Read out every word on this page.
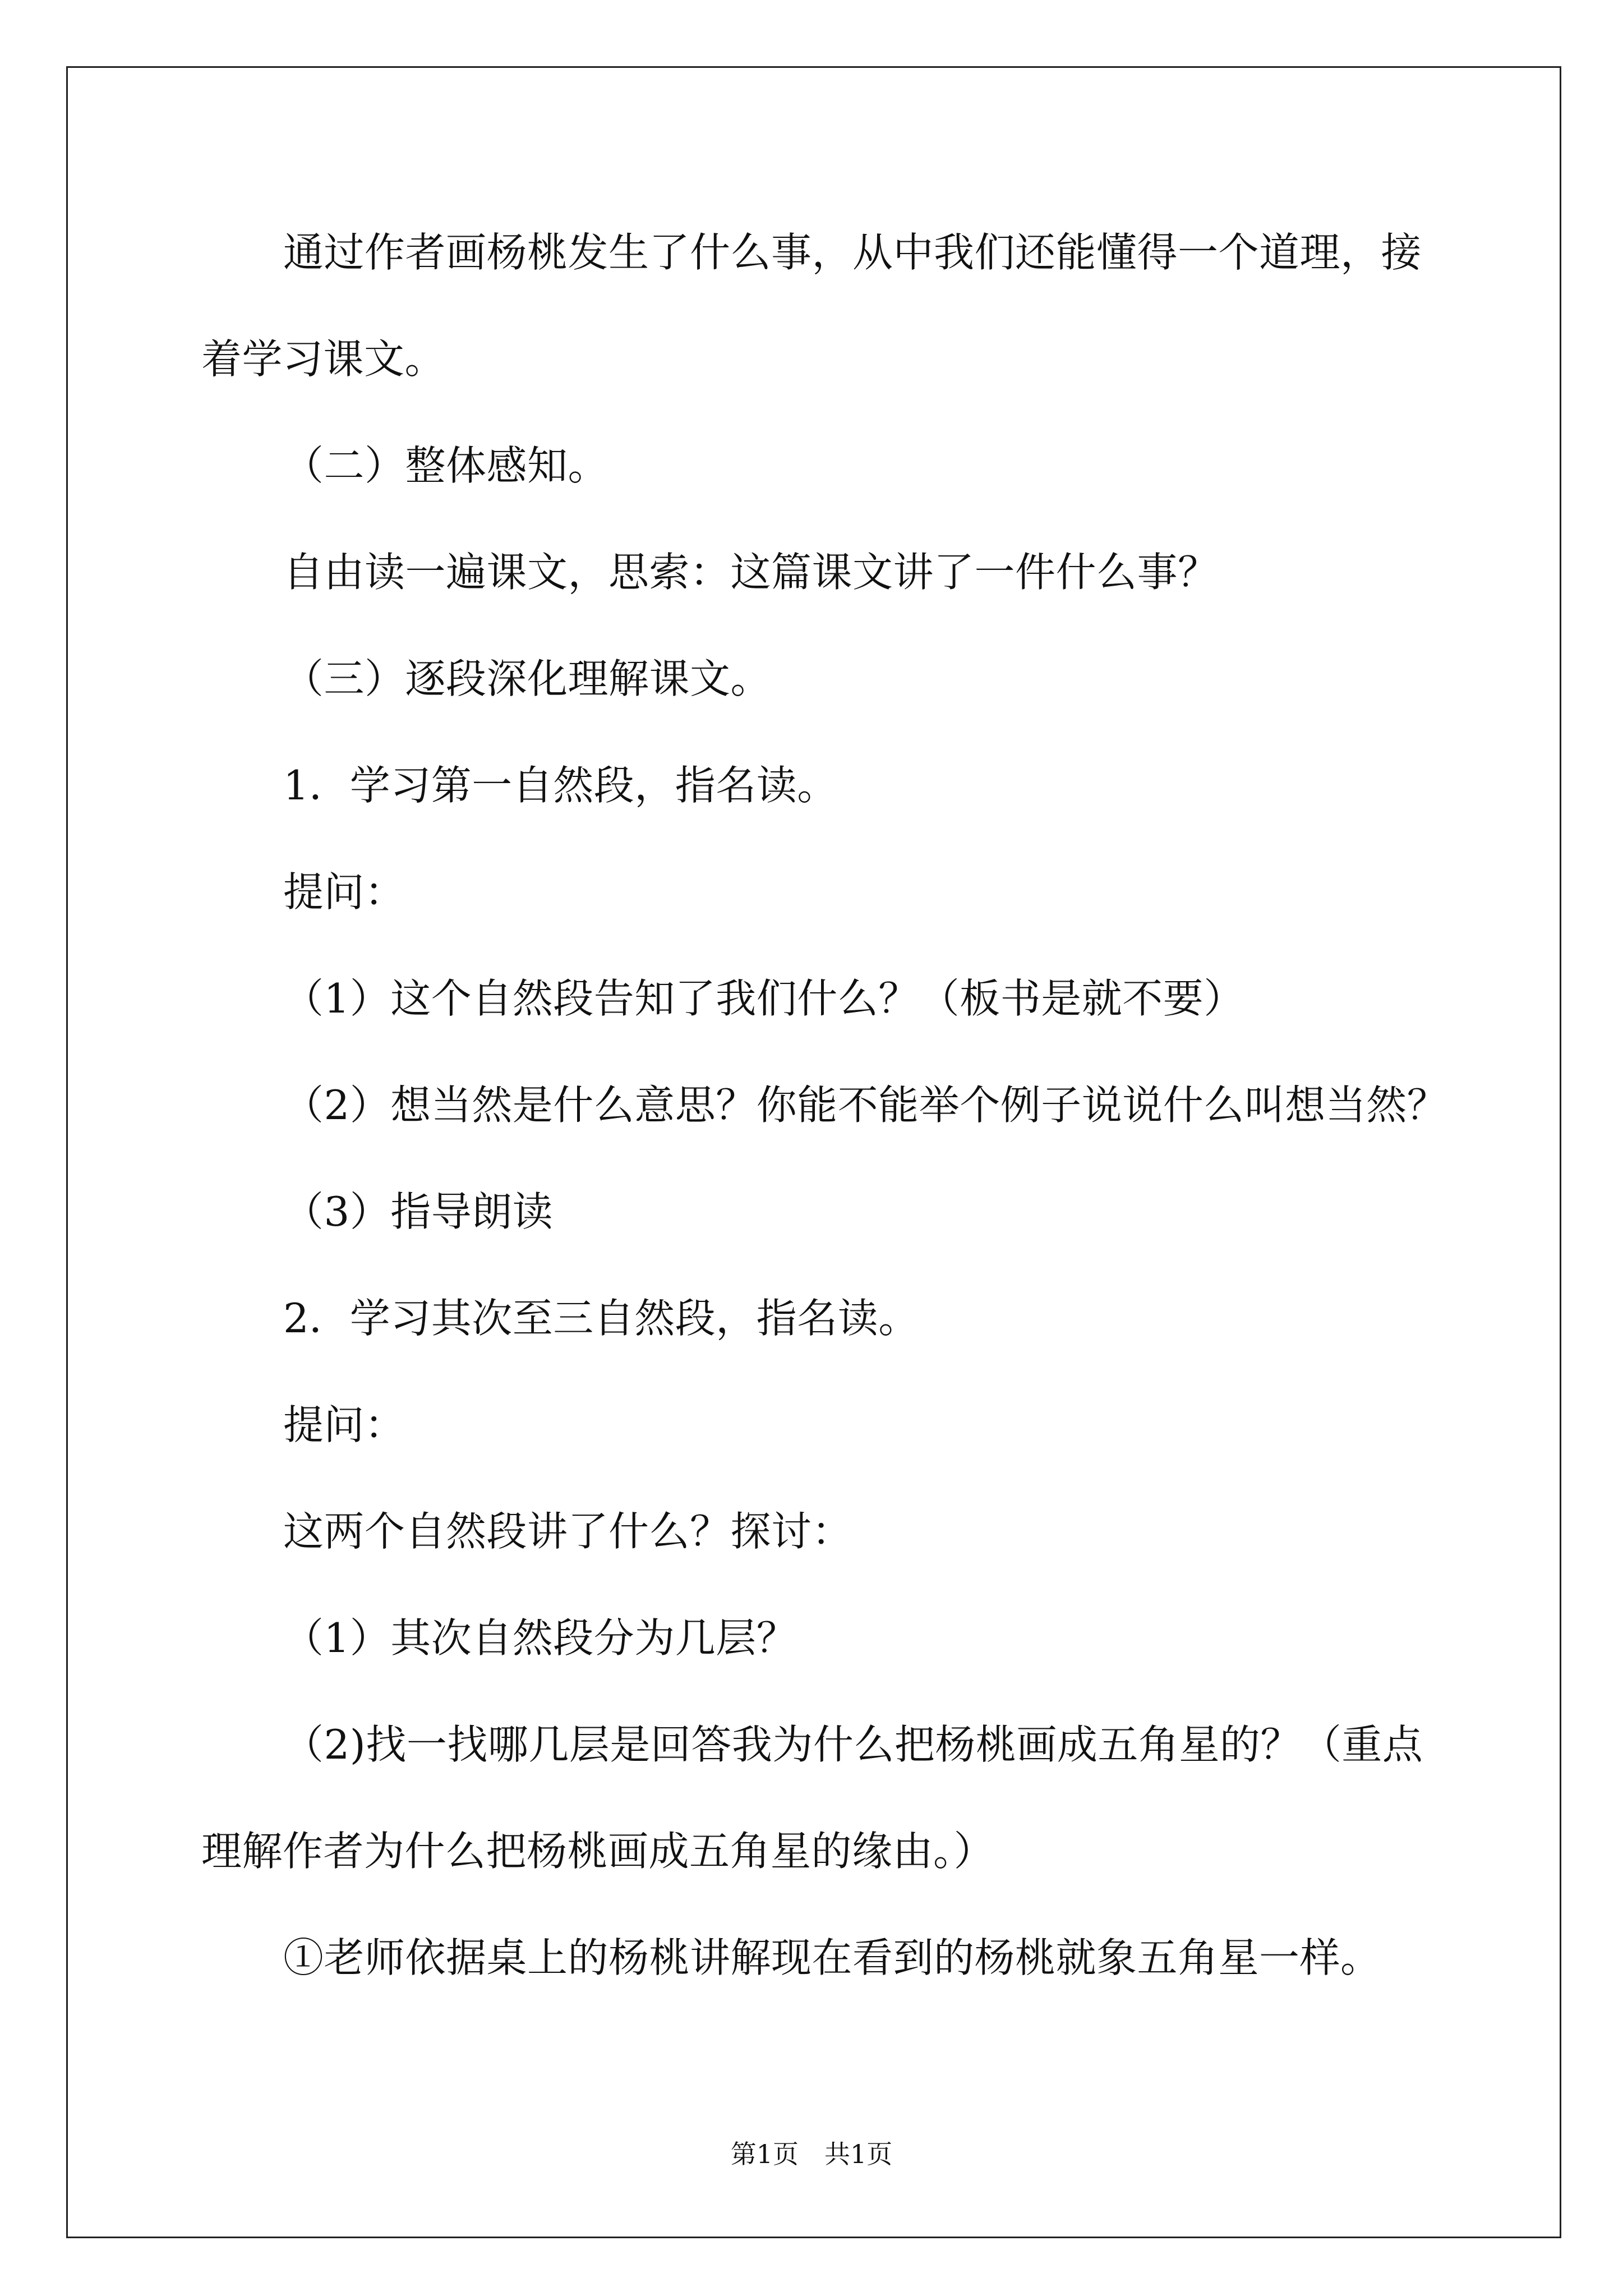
通过作者画杨桃发生了什么事，从中我们还能懂得一个道理，接
着学习课文。
（二）整体感知。
自由读一遍课文，思索：这篇课文讲了一件什么事？
（三）逐段深化理解课文。
1．学习第一自然段，指名读。
提问：
（1）这个自然段告知了我们什么？（板书是就不要）
（2）想当然是什么意思？你能不能举个例子说说什么叫想当然？
（3）指导朗读
2．学习其次至三自然段，指名读。
提问：
这两个自然段讲了什么？探讨：
（1）其次自然段分为几层？
（2)找一找哪几层是回答我为什么把杨桃画成五角星的？（重点
理解作者为什么把杨桃画成五角星的缘由。）
①老师依据桌上的杨桃讲解现在看到的杨桃就象五角星一样。
第1页　共1页
